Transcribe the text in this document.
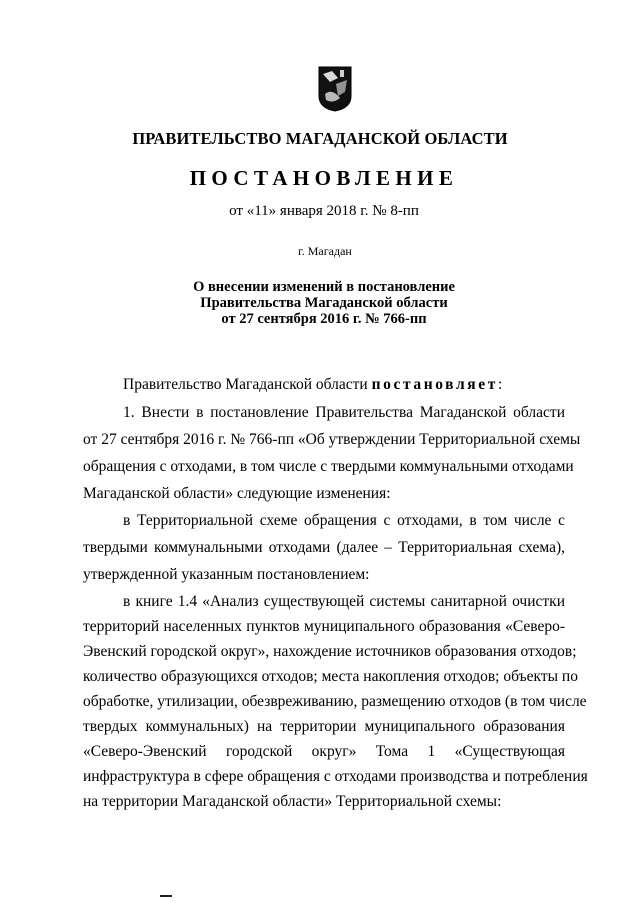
ПРАВИТЕЛЬСТВО МАГАДАНСКОЙ ОБЛАСТИ
ПОСТАНОВЛЕНИЕ
от «11» января 2018 г. № 8-пп
г. Магадан
О внесении изменений в постановление
Правительства Магаданской области
от 27 сентября 2016 г. № 766-пп
Правительство Магаданской области постановляет:
1. Внести в постановление Правительства Магаданской области
от 27 сентября 2016 г. № 766-пп «Об утверждении Территориальной схемы
обращения с отходами, в том числе с твердыми коммунальными отходами
Магаданской области» следующие изменения:
в Территориальной схеме обращения с отходами, в том числе с
твердыми коммунальными отходами (далее – Территориальная схема),
утвержденной указанным постановлением:
в книге 1.4 «Анализ существующей системы санитарной очистки
территорий населенных пунктов муниципального образования «Северо-
Эвенский городской округ», нахождение источников образования отходов;
количество образующихся отходов; места накопления отходов; объекты по
обработке, утилизации, обезвреживанию, размещению отходов (в том числе
твердых коммунальных) на территории муниципального образования
«Северо-Эвенский городской округ» Тома 1 «Существующая
инфраструктура в сфере обращения с отходами производства и потребления
на территории Магаданской области» Территориальной схемы:
